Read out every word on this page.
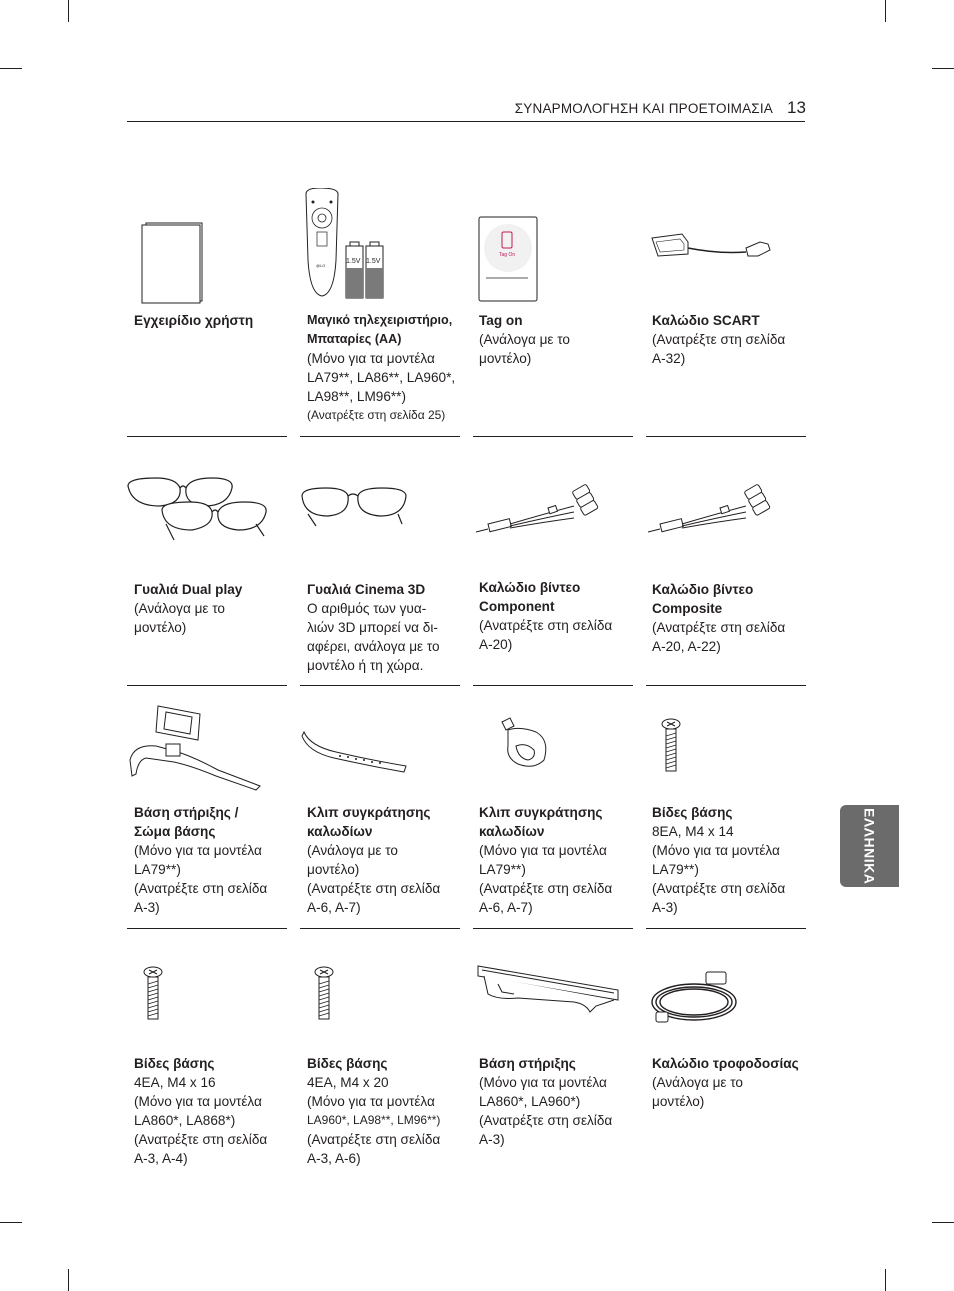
ΣΥΝΑΡΜΟΛΟΓΗΣΗ ΚΑΙ ΠΡΟΕΤΟΙΜΑΣΙΑ 13
ΕΛΛΗΝΙΚΑ
Εγχειρίδιο χρήστη
@LG
1.5V 1.5V
Μαγικό τηλεχειριστήριο,
Μπαταρίες (AA)
(Μόνο για τα μοντέλα
LA79**, LA86**, LA960*,
LA98**, LM96**)
(Ανατρέξτε στη σελίδα 25)
Tag On
Tag on
(Ανάλογα με το
μοντέλο)
Καλώδιο SCART
(Ανατρέξτε στη σελίδα
A-32)
Γυαλιά Dual play
(Ανάλογα με το
μοντέλο)
Γυαλιά Cinema 3D
Ο αριθμός των γυα-
λιών 3D μπορεί να δι-
αφέρει, ανάλογα με το
μοντέλο ή τη χώρα.
Καλώδιο βίντεο
Component
(Ανατρέξτε στη σελίδα
A-20)
Καλώδιο βίντεο
Composite
(Ανατρέξτε στη σελίδα
A-20, A-22)
Βάση στήριξης /
Σώμα βάσης
(Μόνο για τα μοντέλα
LA79**)
(Ανατρέξτε στη σελίδα
A-3)
Κλιπ συγκράτησης
καλωδίων
(Ανάλογα με το
μοντέλο)
(Ανατρέξτε στη σελίδα
A-6, A-7)
Κλιπ συγκράτησης
καλωδίων
(Μόνο για τα μοντέλα
LA79**)
(Ανατρέξτε στη σελίδα
A-6, A-7)
Βίδες βάσης
8EA, M4 x 14
(Μόνο για τα μοντέλα
LA79**)
(Ανατρέξτε στη σελίδα
A-3)
Βίδες βάσης
4EA, M4 x 16
(Μόνο για τα μοντέλα
LA860*, LA868*)
(Ανατρέξτε στη σελίδα
A-3, A-4)
Βίδες βάσης
4EA, M4 x 20
(Μόνο για τα μοντέλα
LA960*, LA98**, LM96**)
(Ανατρέξτε στη σελίδα
A-3, A-6)
Βάση στήριξης
(Μόνο για τα μοντέλα
LA860*, LA960*)
(Ανατρέξτε στη σελίδα
A-3)
Καλώδιο τροφοδοσίας
(Ανάλογα με το
μοντέλο)
